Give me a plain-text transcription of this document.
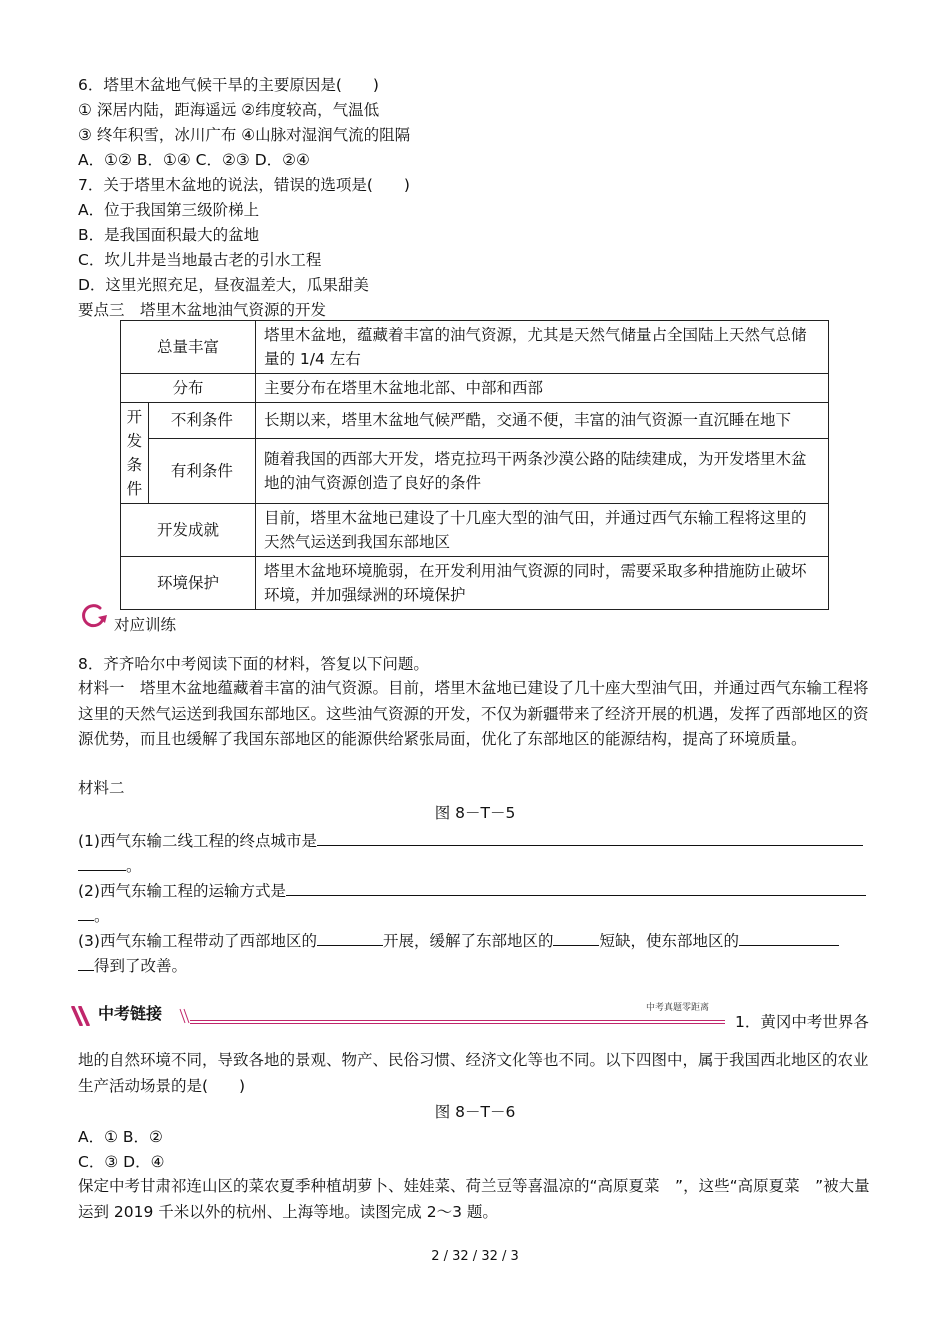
6．塔里木盆地气候干旱的主要原因是(　　)
① 深居内陆，距海遥远 ②纬度较高，气温低
③ 终年积雪，冰川广布 ④山脉对湿润气流的阻隔
A．①② B．①④ C．②③ D．②④
7．关于塔里木盆地的说法，错误的选项是(　　)
A．位于我国第三级阶梯上
B．是我国面积最大的盆地
C．坎儿井是当地最古老的引水工程
D．这里光照充足，昼夜温差大，瓜果甜美
要点三　塔里木盆地油气资源的开发
总量丰富		塔里木盆地，蕴藏着丰富的油气资源，尤其是天然气储量占全国陆上天然气总储量的 1/4 左右
分布		主要分布在塔里木盆地北部、中部和西部

开
发
条
件	不利条件	长期以来，塔里木盆地气候严酷，交通不便，丰富的油气资源一直沉睡在地下
	有利条件	随着我国的西部大开发，塔克拉玛干两条沙漠公路的陆续建成，为开发塔里木盆地的油气资源创造了良好的条件
开发成就		目前，塔里木盆地已建设了十几座大型的油气田，并通过西气东输工程将这里的天然气运送到我国东部地区
环境保护		塔里木盆地环境脆弱，在开发利用油气资源的同时，需要采取多种措施防止破坏环境，并加强绿洲的环境保护
对应训练
8．齐齐哈尔中考阅读下面的材料，答复以下问题。
材料一　塔里木盆地蕴藏着丰富的油气资源。目前，塔里木盆地已建设了几十座大型油气田，并通过西气东输工程将这里的天然气运送到我国东部地区。这些油气资源的开发，不仅为新疆带来了经济开展的机遇，发挥了西部地区的资源优势，而且也缓解了我国东部地区的能源供给紧张局面，优化了东部地区的能源结构，提高了环境质量。
材料二
图 8－T－5
(1)西气东输二线工程的终点城市是
。
(2)西气东输工程的运输方式是
。
(3)西气东输工程带动了西部地区的	开展，缓解了东部地区的	短缺，使东部地区的
得到了改善。
中考链接	中考真题零距离
1．黄冈中考世界各
地的自然环境不同，导致各地的景观、物产、民俗习惯、经济文化等也不同。以下四图中，属于我国西北地区的农业生产活动场景的是(　　)
图 8－T－6
A．① B．②
C．③ D．④
保定中考甘肃祁连山区的菜农夏季种植胡萝卜、娃娃菜、荷兰豆等喜温凉的“高原夏菜　”，这些“高原夏菜　”被大量运到 2019 千米以外的杭州、上海等地。读图完成 2～3 题。
2 / 32 / 32 / 3
